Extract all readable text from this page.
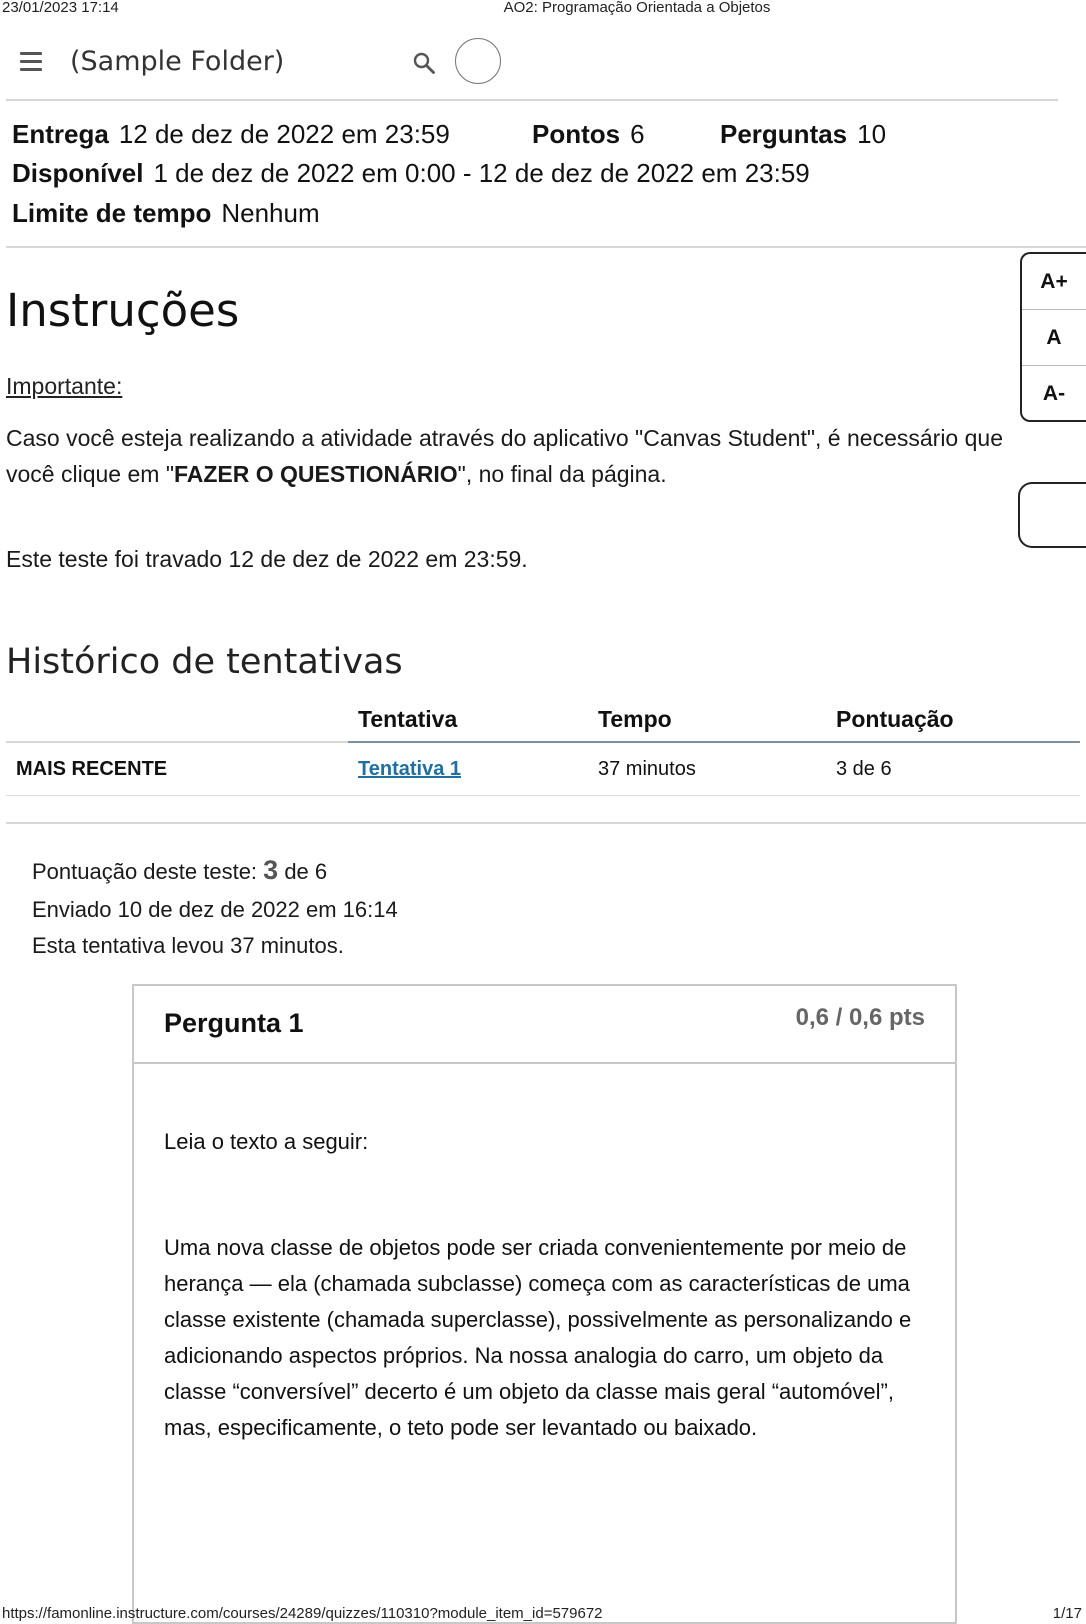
23/01/2023 17:14	AO2: Programação Orientada a Objetos
(Sample Folder)
Entrega 12 de dez de 2022 em 23:59	Pontos 6	Perguntas 10
Disponível 1 de dez de 2022 em 0:00 - 12 de dez de 2022 em 23:59
Limite de tempo Nenhum
Instruções
Importante:
Caso você esteja realizando a atividade através do aplicativo "Canvas Student", é necessário que você clique em "FAZER O QUESTIONÁRIO", no final da página.
Este teste foi travado 12 de dez de 2022 em 23:59.
A+
A
A-
Histórico de tentativas
	Tentativa	Tempo	Pontuação
MAIS RECENTE	Tentativa 1	37 minutos	3 de 6
Pontuação deste teste: 3 de 6
Enviado 10 de dez de 2022 em 16:14
Esta tentativa levou 37 minutos.
Pergunta 1	0,6 / 0,6 pts
Leia o texto a seguir:
Uma nova classe de objetos pode ser criada convenientemente por meio de herança — ela (chamada subclasse) começa com as características de uma classe existente (chamada superclasse), possivelmente as personalizando e adicionando aspectos próprios. Na nossa analogia do carro, um objeto da classe “conversível” decerto é um objeto da classe mais geral “automóvel”, mas, especificamente, o teto pode ser levantado ou baixado.
https://famonline.instructure.com/courses/24289/quizzes/110310?module_item_id=579672	1/17
